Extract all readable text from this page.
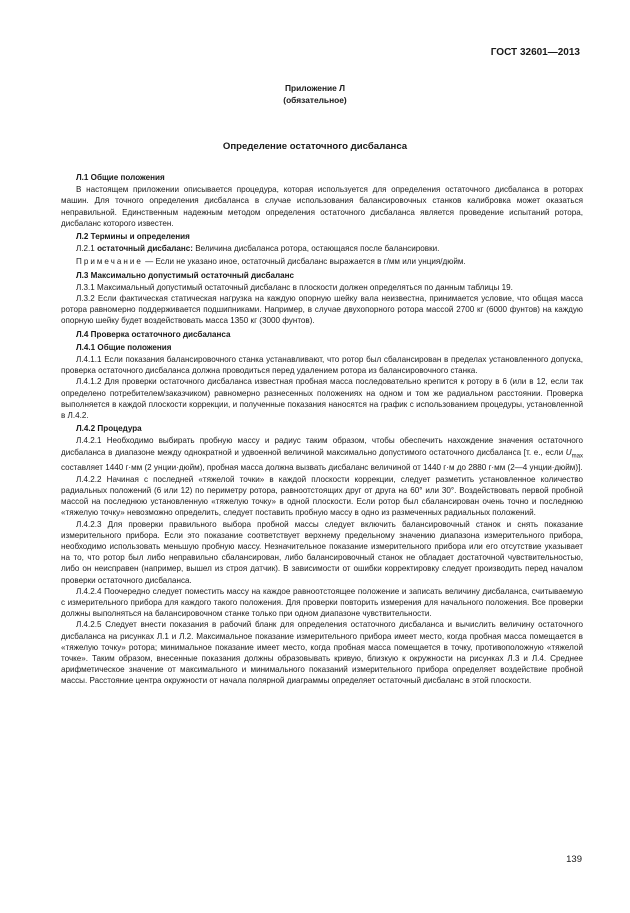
ГОСТ 32601—2013
Приложение Л
(обязательное)
Определение остаточного дисбаланса

Л.1 Общие положения

В настоящем приложении описывается процедура, которая используется для определения остаточного дисбаланса в роторах машин. Для точного определения дисбаланса в случае использования балансировочных станков калибровка может оказаться неправильной. Единственным надежным методом определения остаточного дисбаланса является проведение испытаний ротора, дисбаланс которого известен.

Л.2 Термины и определения

Л.2.1 остаточный дисбаланс: Величина дисбаланса ротора, остающаяся после балансировки.

Примечание — Если не указано иное, остаточный дисбаланс выражается в г/мм или унция/дюйм.

Л.3 Максимально допустимый остаточный дисбаланс

Л.3.1 Максимальный допустимый остаточный дисбаланс в плоскости должен определяться по данным таблицы 19.

Л.3.2 Если фактическая статическая нагрузка на каждую опорную шейку вала неизвестна, принимается условие, что общая масса ротора равномерно поддерживается подшипниками. Например, в случае двухопорного ротора массой 2700 кг (6000 фунтов) на каждую опорную шейку будет воздействовать масса 1350 кг (3000 фунтов).

Л.4 Проверка остаточного дисбаланса

Л.4.1 Общие положения

Л.4.1.1 Если показания балансировочного станка устанавливают, что ротор был сбалансирован в пределах установленного допуска, проверка остаточного дисбаланса должна проводиться перед удалением ротора из балансировочного станка.

Л.4.1.2 Для проверки остаточного дисбаланса известная пробная масса последовательно крепится к ротору в 6 (или в 12, если так определено потребителем/заказчиком) равномерно разнесенных положениях на одном и том же радиальном расстоянии. Проверка выполняется в каждой плоскости коррекции, и полученные показания наносятся на график с использованием процедуры, установленной в Л.4.2.

Л.4.2 Процедура

Л.4.2.1 Необходимо выбирать пробную массу и радиус таким образом, чтобы обеспечить нахождение значения остаточного дисбаланса в диапазоне между однократной и удвоенной величиной максимально допустимого остаточного дисбаланса [т. е., если $U_{max}$ составляет 1440 г·мм (2 унции·дюйм), пробная масса должна вызвать дисбаланс величиной от 1440 г·м до 2880 г·мм (2—4 унции·дюйм)].

Л.4.2.2 Начиная с последней «тяжелой точки» в каждой плоскости коррекции, следует разметить установленное количество радиальных положений (6 или 12) по периметру ротора, равноотстоящих друг от друга на 60° или 30°. Воздействовать первой пробной массой на последнюю установленную «тяжелую точку» в одной плоскости. Если ротор был сбалансирован очень точно и последнюю «тяжелую точку» невозможно определить, следует поставить пробную массу в одно из размеченных радиальных положений.

Л.4.2.3 Для проверки правильного выбора пробной массы следует включить балансировочный станок и снять показание измерительного прибора. Если это показание соответствует верхнему предельному значению диапазона измерительного прибора, необходимо использовать меньшую пробную массу. Незначительное показание измерительного прибора или его отсутствие указывает на то, что ротор был либо неправильно сбалансирован, либо балансировочный станок не обладает достаточной чувствительностью, либо он неисправен (например, вышел из строя датчик). В зависимости от ошибки корректировку следует производить перед началом проверки остаточного дисбаланса.

Л.4.2.4 Поочередно следует поместить массу на каждое равноотстоящее положение и записать величину дисбаланса, считываемую с измерительного прибора для каждого такого положения. Для проверки повторить измерения для начального положения. Все проверки должны выполняться на балансировочном станке только при одном диапазоне чувствительности.

Л.4.2.5 Следует внести показания в рабочий бланк для определения остаточного дисбаланса и вычислить величину остаточного дисбаланса на рисунках Л.1 и Л.2. Максимальное показание измерительного прибора имеет место, когда пробная масса помещается в «тяжелую точку» ротора; минимальное показание имеет место, когда пробная масса помещается в точку, противоположную «тяжелой точке». Таким образом, внесенные показания должны образовывать кривую, близкую к окружности на рисунках Л.3 и Л.4. Среднее арифметическое значение от максимального и минимального показаний измерительного прибора определяет воздействие пробной массы. Расстояние центра окружности от начала полярной диаграммы определяет остаточный дисбаланс в этой плоскости.

139
